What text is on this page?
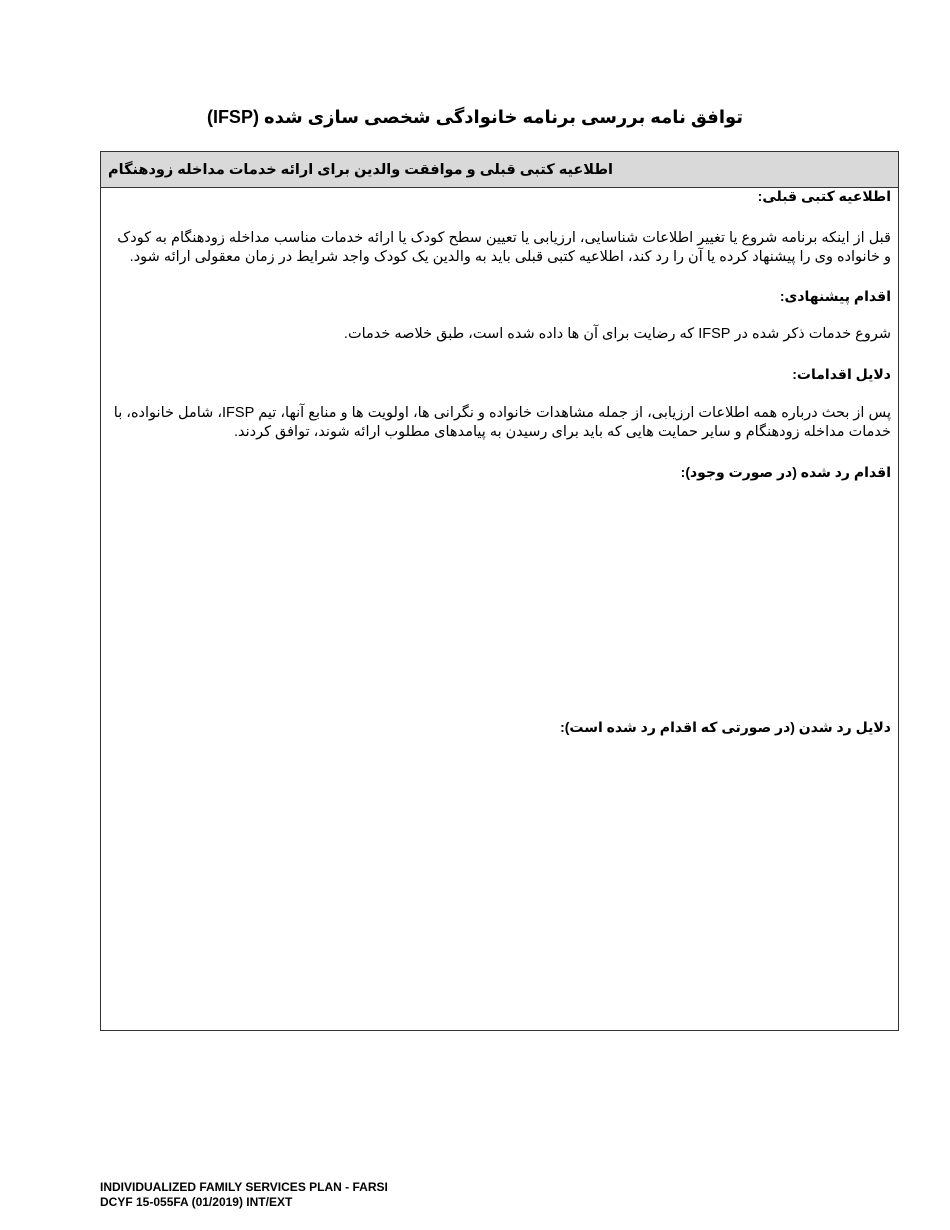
توافق نامه بررسی برنامه خانوادگی شخصی سازی شده (IFSP)
اطلاعیه کتبی قبلی و موافقت والدین برای ارائه خدمات مداخله زودهنگام

اطلاعیه کتبی قبلی:

قبل از اینکه برنامه شروع یا تغییر اطلاعات شناسایی، ارزیابی یا تعیین سطح کودک یا ارائه خدمات مناسب مداخله زودهنگام به کودک و خانواده وی را پیشنهاد کرده یا آن را رد کند، اطلاعیه کتبی قبلی باید به والدین یک کودک واجد شرایط در زمان معقولی ارائه شود.

اقدام پیشنهادی:

شروع خدمات ذکر شده در IFSP که رضایت برای آن ها داده شده است، طبق خلاصه خدمات.

دلایل اقدامات:

پس از بحث درباره همه اطلاعات ارزیابی، از جمله مشاهدات خانواده و نگرانی ها، اولویت ها و منابع آنها، تیم IFSP، شامل خانواده، با خدمات مداخله زودهنگام و سایر حمایت هایی که باید برای رسیدن به پیامدهای مطلوب ارائه شوند، توافق کردند.

اقدام رد شده (در صورت وجود):

دلایل رد شدن (در صورتی که اقدام رد شده است):

INDIVIDUALIZED FAMILY SERVICES PLAN - FARSI
DCYF 15-055FA (01/2019) INT/EXT
